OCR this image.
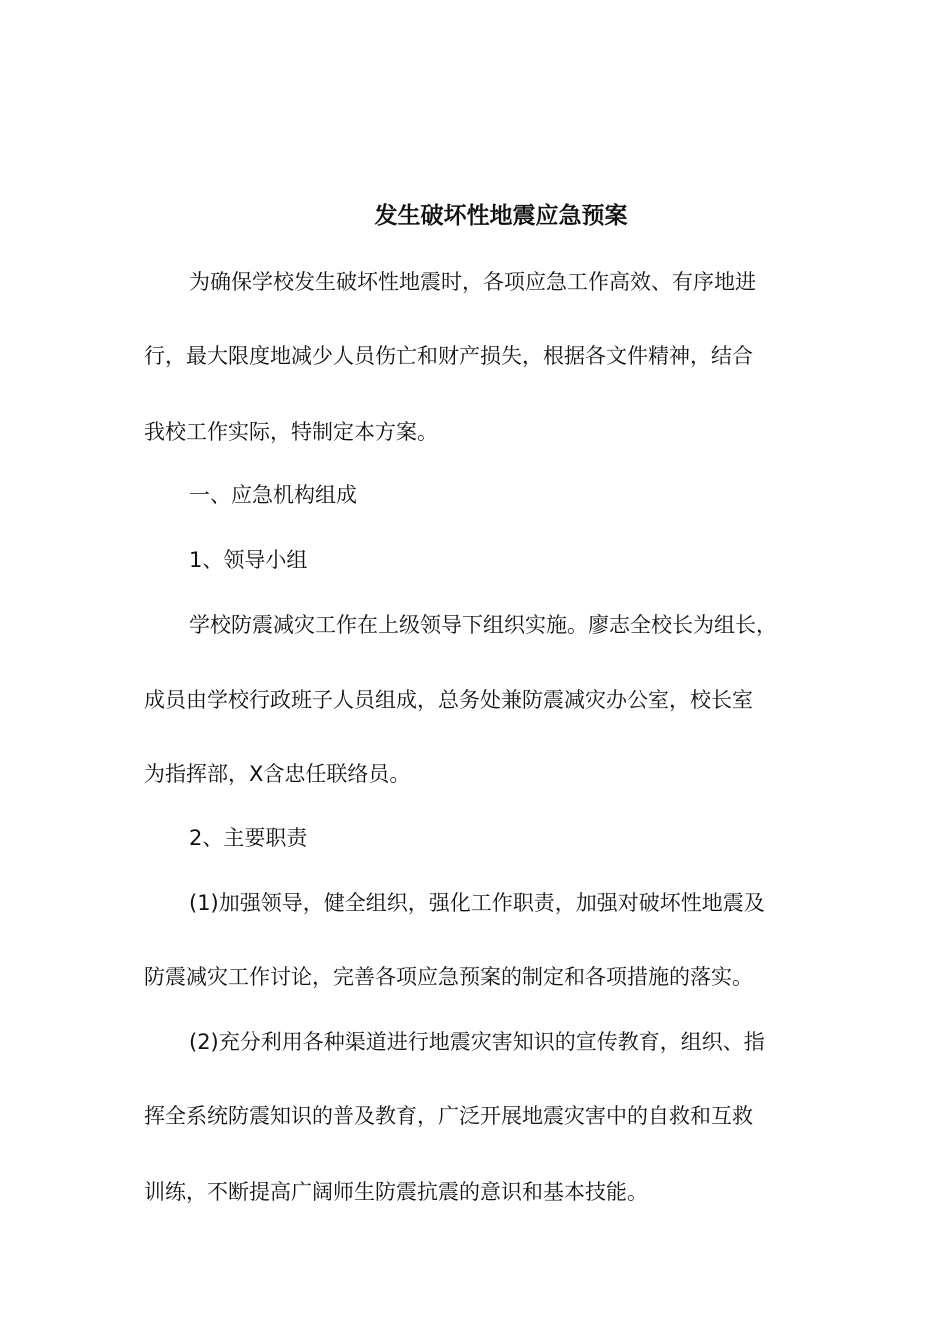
发生破坏性地震应急预案
为确保学校发生破坏性地震时，各项应急工作高效、有序地进
行，最大限度地减少人员伤亡和财产损失，根据各文件精神，结合
我校工作实际，特制定本方案。
一、应急机构组成
1、领导小组
学校防震减灾工作在上级领导下组织实施。廖志全校长为组长，
成员由学校行政班子人员组成，总务处兼防震减灾办公室，校长室
为指挥部，X含忠任联络员。
2、主要职责
(1)加强领导，健全组织，强化工作职责，加强对破坏性地震及
防震减灾工作讨论，完善各项应急预案的制定和各项措施的落实。
(2)充分利用各种渠道进行地震灾害知识的宣传教育，组织、指
挥全系统防震知识的普及教育，广泛开展地震灾害中的自救和互救
训练，不断提高广阔师生防震抗震的意识和基本技能。
